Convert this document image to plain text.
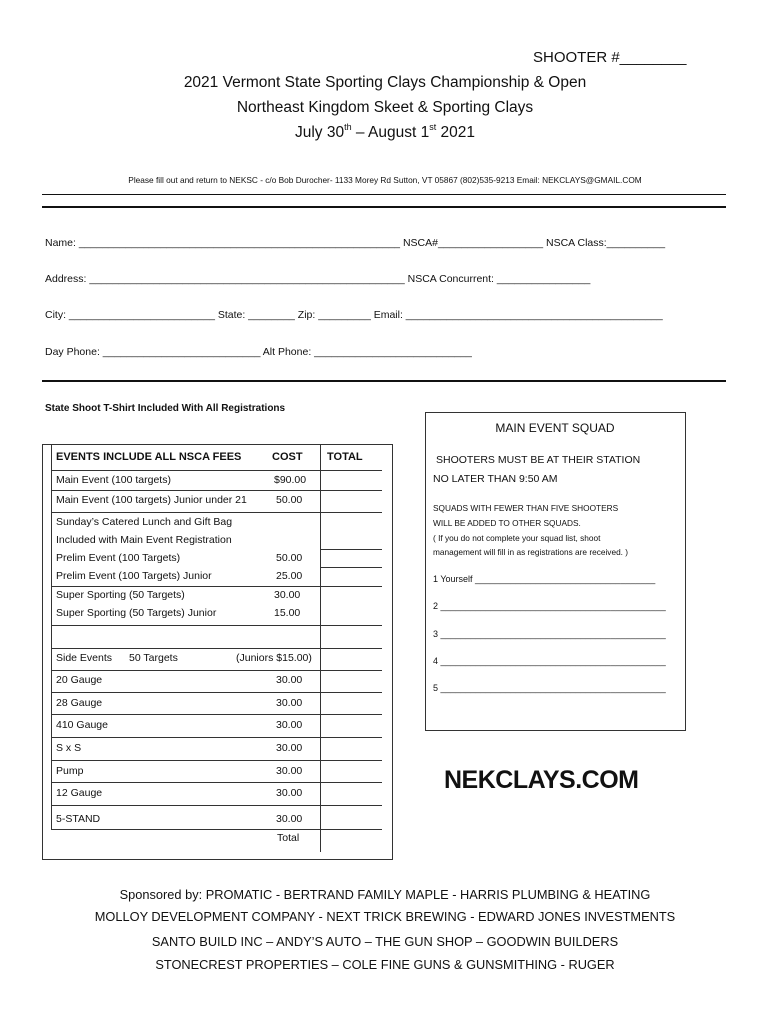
SHOOTER #________
2021 Vermont State Sporting Clays Championship & Open
Northeast Kingdom Skeet & Sporting Clays
July 30th – August 1st 2021
Please fill out and return to NEKSC - c/o Bob Durocher- 1133 Morey Rd Sutton, VT 05867 (802)535-9213 Email: NEKCLAYS@GMAIL.COM
Name: _______________________________________________________ NSCA#__________________ NSCA Class:__________
Address: ______________________________________________________ NSCA Concurrent: ________________
City: _________________________ State: ________ Zip: _________ Email: ____________________________________________
Day Phone: ___________________________ Alt Phone: ___________________________
State Shoot T-Shirt Included With All Registrations
EVENTS INCLUDE ALL NSCA FEES	COST TOTAL
Main Event (100 targets)	$90.00
Main Event (100 targets) Junior under 21	50.00
Sunday’s Catered Lunch and Gift Bag
Included with Main Event Registration
Prelim Event (100 Targets)	50.00
Prelim Event (100 Targets) Junior	25.00
Super Sporting (50 Targets)	30.00
Super Sporting (50 Targets) Junior	15.00
Side Events 50 Targets	(Juniors $15.00)
20 Gauge	30.00
28 Gauge	30.00
410 Gauge	30.00
S x S	30.00
Pump	30.00
12 Gauge	30.00
5-STAND	30.00
Total
MAIN EVENT SQUAD
SHOOTERS MUST BE AT THEIR STATION
NO LATER THAN 9:50 AM
SQUADS WITH FEWER THAN FIVE SHOOTERS
WILL BE ADDED TO OTHER SQUADS.
( If you do not complete your squad list, shoot
management will fill in as registrations are received. )
1 Yourself ____________________________________
2 _____________________________________________
3 _____________________________________________
4 _____________________________________________
5 _____________________________________________
NEKCLAYS.COM
Sponsored by: PROMATIC - BERTRAND FAMILY MAPLE - HARRIS PLUMBING & HEATING
MOLLOY DEVELOPMENT COMPANY - NEXT TRICK BREWING - EDWARD JONES INVESTMENTS
SANTO BUILD INC – ANDY’S AUTO – THE GUN SHOP – GOODWIN BUILDERS
STONECREST PROPERTIES – COLE FINE GUNS & GUNSMITHING - RUGER
